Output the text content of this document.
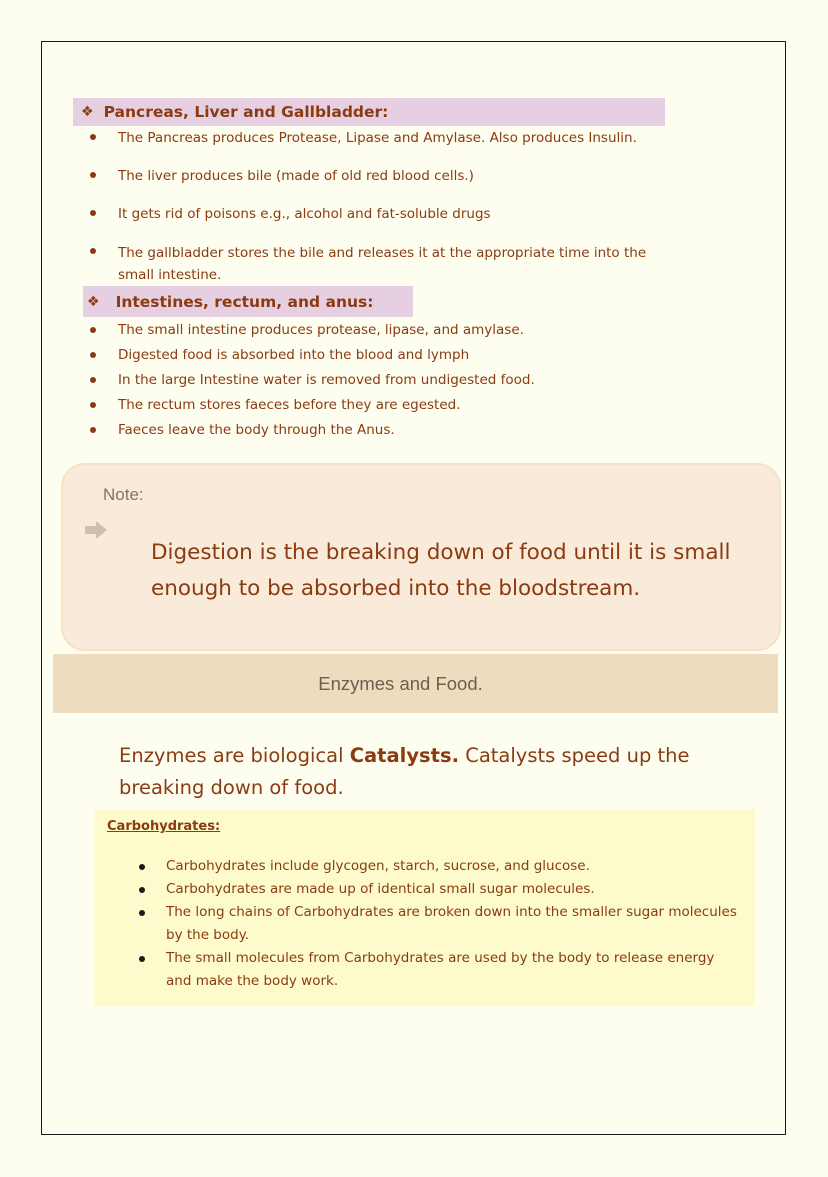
❖ Pancreas, Liver and Gallbladder:
The Pancreas produces Protease, Lipase and Amylase. Also produces Insulin.
The liver produces bile (made of old red blood cells.)
It gets rid of poisons e.g., alcohol and fat-soluble drugs
The gallbladder stores the bile and releases it at the appropriate time into the small intestine.
❖ Intestines, rectum, and anus:
The small intestine produces protease, lipase, and amylase.
Digested food is absorbed into the blood and lymph
In the large Intestine water is removed from undigested food.
The rectum stores faeces before they are egested.
Faeces leave the body through the Anus.
Note:
Digestion is the breaking down of food until it is small enough to be absorbed into the bloodstream.
Enzymes and Food.
Enzymes are biological Catalysts. Catalysts speed up the breaking down of food.
Carbohydrates:
Carbohydrates include glycogen, starch, sucrose, and glucose.
Carbohydrates are made up of identical small sugar molecules.
The long chains of Carbohydrates are broken down into the smaller sugar molecules by the body.
The small molecules from Carbohydrates are used by the body to release energy and make the body work.
